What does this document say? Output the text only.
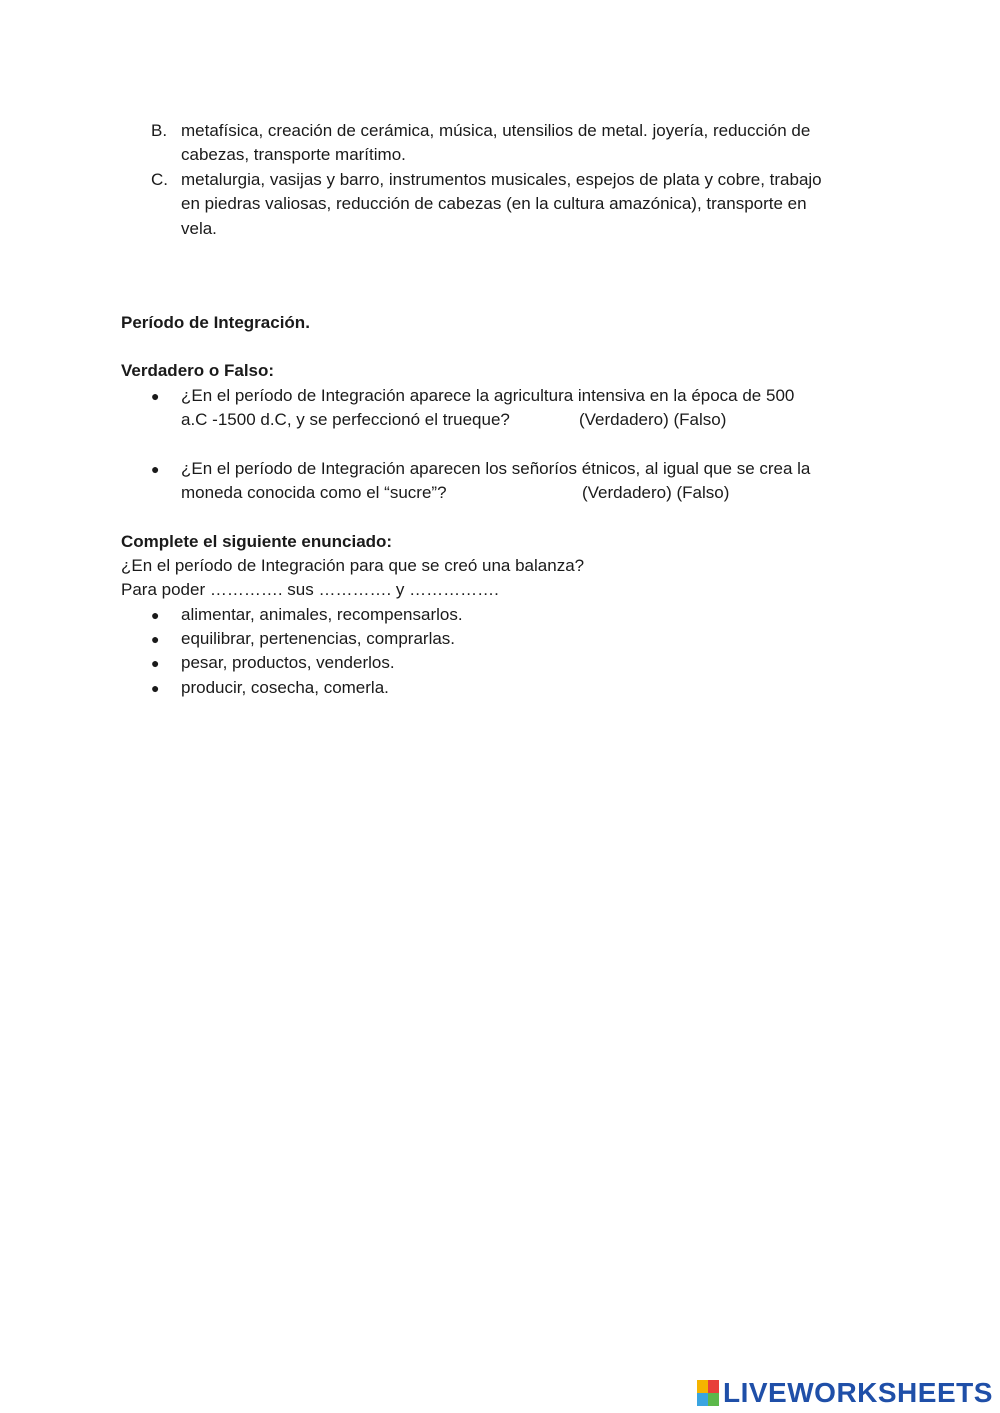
B. metafísica, creación de cerámica, música, utensilios de metal. joyería, reducción de
cabezas, transporte marítimo.
C. metalurgia, vasijas y barro, instrumentos musicales, espejos de plata y cobre, trabajo
en piedras valiosas, reducción de cabezas (en la cultura amazónica), transporte en
vela.
Período de Integración.
Verdadero o Falso:
● ¿En el período de Integración aparece la agricultura intensiva en la época de 500
a.C -1500 d.C, y se perfeccionó el trueque?	(Verdadero) (Falso)
● ¿En el período de Integración aparecen los señoríos étnicos, al igual que se crea la
moneda conocida como el “sucre”?	(Verdadero) (Falso)
Complete el siguiente enunciado:
¿En el período de Integración para que se creó una balanza?
Para poder …………. sus …………. y …………….
● alimentar, animales, recompensarlos.
● equilibrar, pertenencias, comprarlas.
● pesar, productos, venderlos.
● producir, cosecha, comerla.
LIVEWORKSHEETS
